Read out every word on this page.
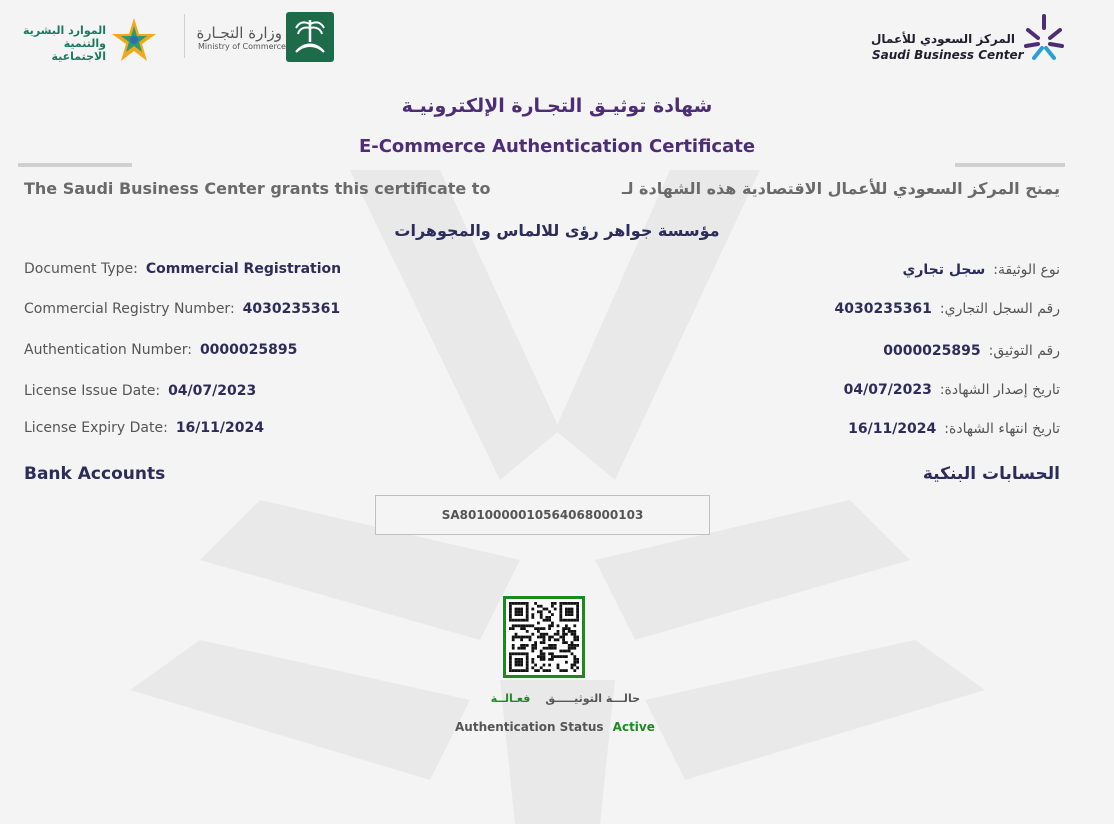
الموارد البشرية
والتنمية الاجتماعية
وزارة التجـارة
Ministry of Commerce
المركز السعودي للأعمال
Saudi Business Center
شهادة توثيـق التجـارة الإلكترونيـة
E-Commerce Authentication Certificate
The Saudi Business Center grants this certificate to	يمنح المركز السعودي للأعمال الاقتصادية هذه الشهادة لـ
مؤسسة جواهر رؤى للالماس والمجوهرات
Document Type: Commercial Registration
Commercial Registry Number: 4030235361
Authentication Number: 0000025895
License Issue Date: 04/07/2023
License Expiry Date: 16/11/2024
نوع الوثيقة:سجل تجاري
رقم السجل التجاري:4030235361
رقم التوثيق:0000025895
تاريخ إصدار الشهادة:04/07/2023
تاريخ انتهاء الشهادة:16/11/2024
Bank Accounts	الحسابات البنكية
SA8010000010564068000103
حالـــة التوثيـــــق فعـالــة
Authentication Status Active
